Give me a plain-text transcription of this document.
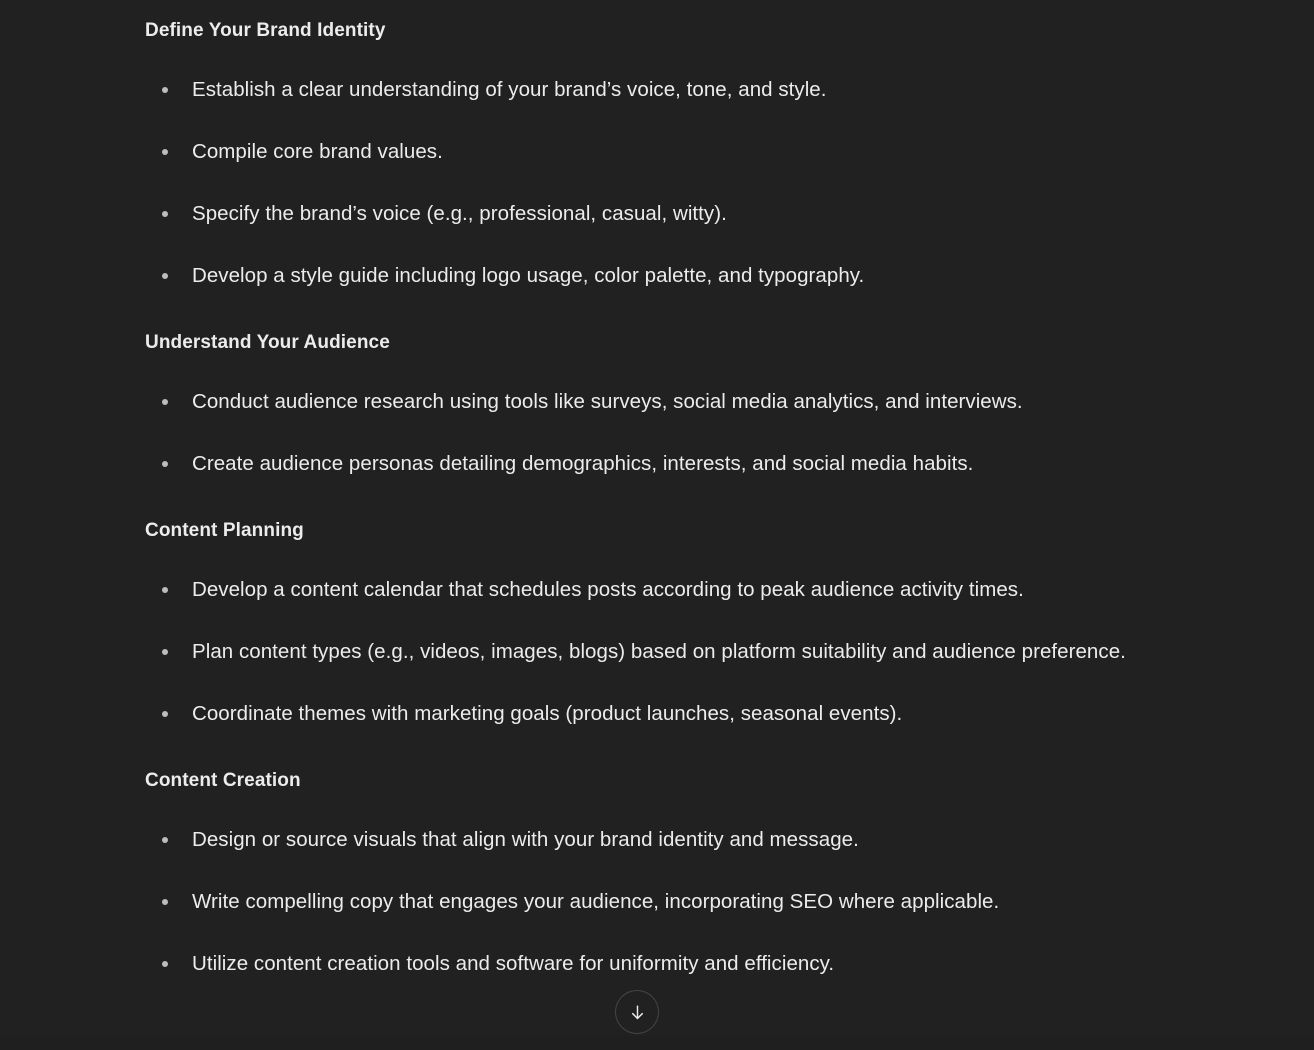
Define Your Brand Identity
Establish a clear understanding of your brand’s voice, tone, and style.
Compile core brand values.
Specify the brand’s voice (e.g., professional, casual, witty).
Develop a style guide including logo usage, color palette, and typography.
Understand Your Audience
Conduct audience research using tools like surveys, social media analytics, and interviews.
Create audience personas detailing demographics, interests, and social media habits.
Content Planning
Develop a content calendar that schedules posts according to peak audience activity times.
Plan content types (e.g., videos, images, blogs) based on platform suitability and audience preference.
Coordinate themes with marketing goals (product launches, seasonal events).
Content Creation
Design or source visuals that align with your brand identity and message.
Write compelling copy that engages your audience, incorporating SEO where applicable.
Utilize content creation tools and software for uniformity and efficiency.
